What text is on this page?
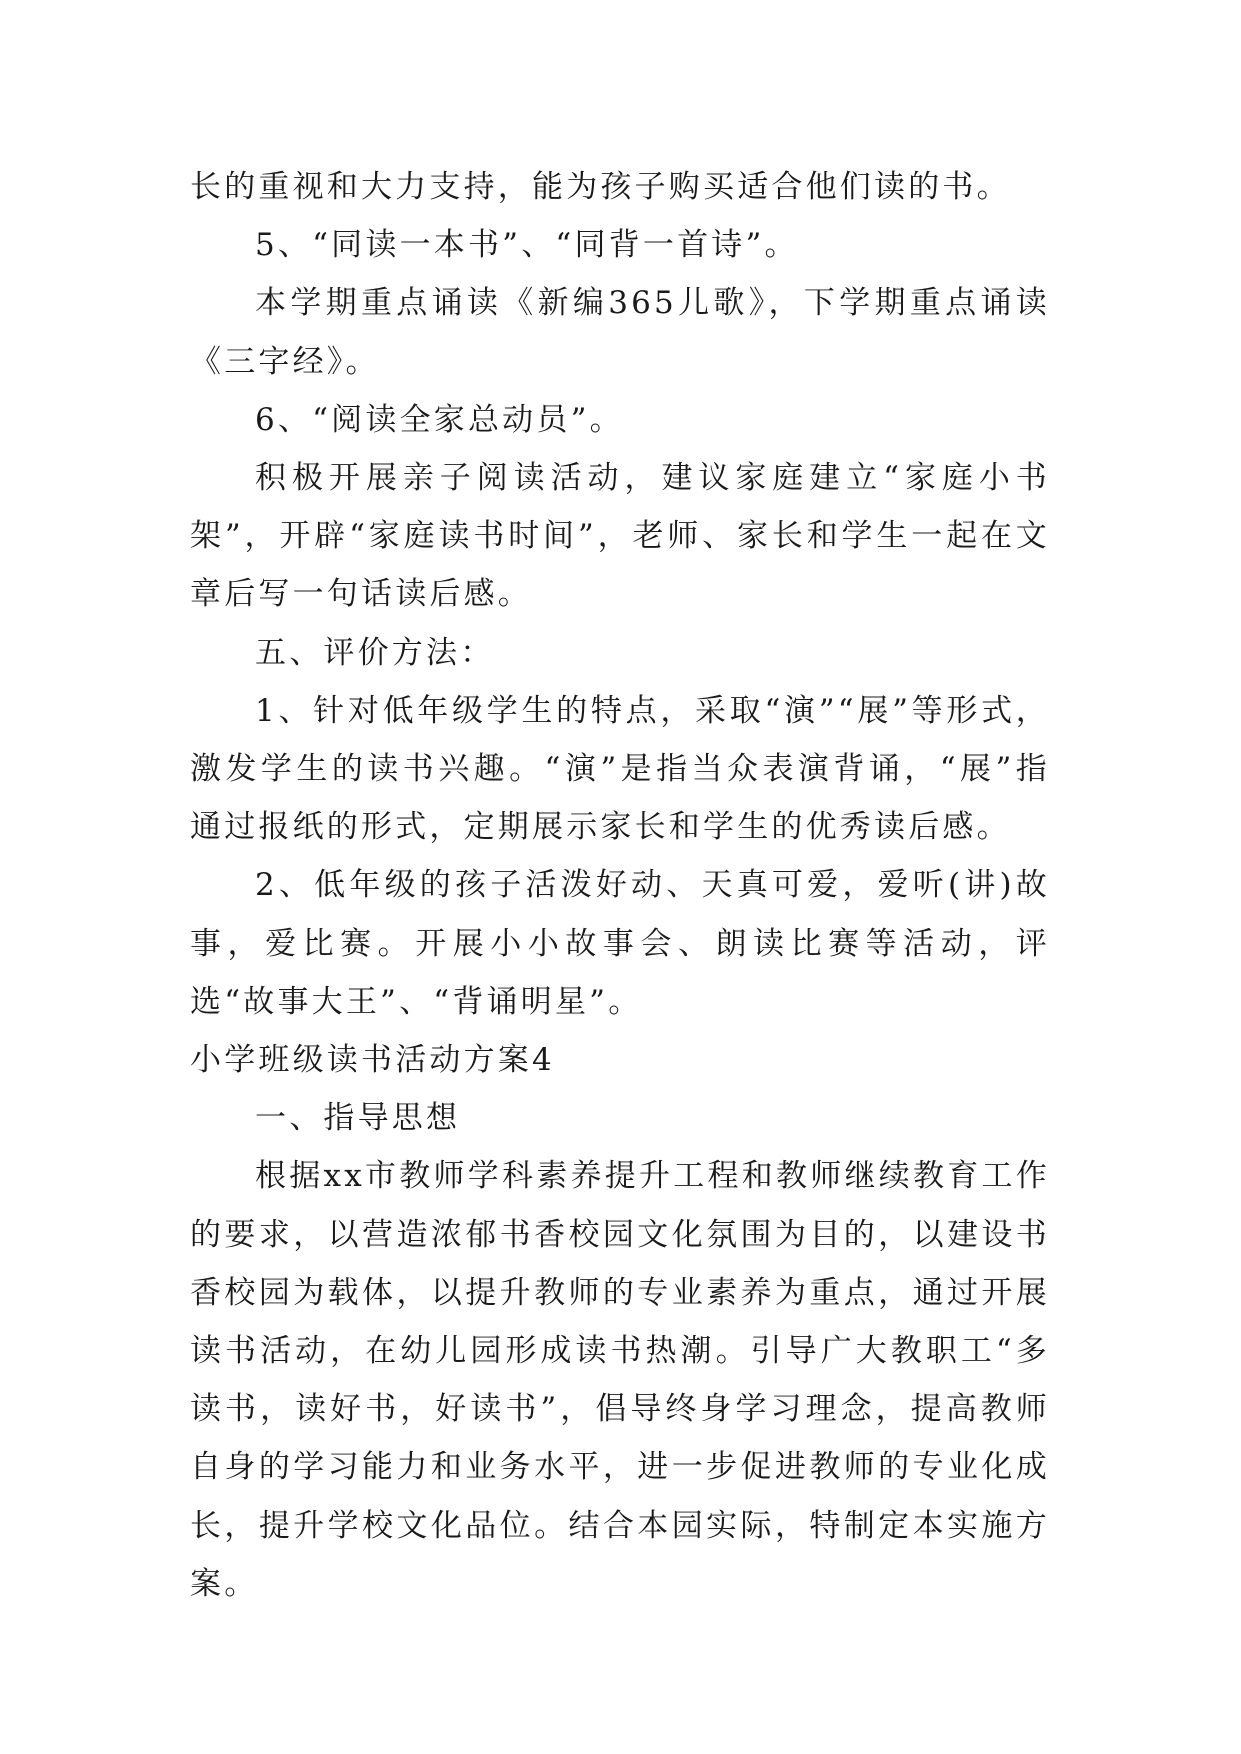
长的重视和大力支持，能为孩子购买适合他们读的书。

5、“同读一本书”、“同背一首诗”。

本学期重点诵读《新编365儿歌》，下学期重点诵读《三字经》。

6、“阅读全家总动员”。

积极开展亲子阅读活动，建议家庭建立“家庭小书架”，开辟“家庭读书时间”，老师、家长和学生一起在文章后写一句话读后感。

五、评价方法：

1、针对低年级学生的特点，采取“演”“展”等形式，激发学生的读书兴趣。“演”是指当众表演背诵，“展”指通过报纸的形式，定期展示家长和学生的优秀读后感。

2、低年级的孩子活泼好动、天真可爱，爱听(讲)故事，爱比赛。开展小小故事会、朗读比赛等活动，评选“故事大王”、“背诵明星”。

小学班级读书活动方案4

一、指导思想

根据xx市教师学科素养提升工程和教师继续教育工作的要求，以营造浓郁书香校园文化氛围为目的，以建设书香校园为载体，以提升教师的专业素养为重点，通过开展读书活动，在幼儿园形成读书热潮。引导广大教职工“多读书，读好书，好读书”，倡导终身学习理念，提高教师自身的学习能力和业务水平，进一步促进教师的专业化成长，提升学校文化品位。结合本园实际，特制定本实施方案。
